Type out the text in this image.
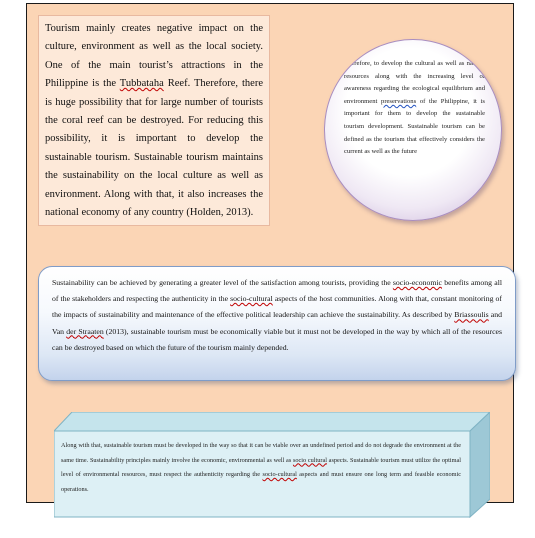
Tourism mainly creates negative impact on the culture, environment as well as the local society. One of the main tourist’s attractions in the Philippine is the Tubbataha Reef. Therefore, there is huge possibility that for large number of tourists the coral reef can be destroyed. For reducing this possibility, it is important to develop the sustainable tourism. Sustainable tourism maintains the sustainability on the local culture as well as environment. Along with that, it also increases the national economy of any country (Holden, 2013).
Therefore, to develop the cultural as well as natural resources along with the increasing level of awareness regarding the ecological equilibrium and environment preservations of the Philippine, it is important for them to develop the sustainable tourism development. Sustainable tourism can be defined as the tourism that effectively considers the current as well as the future
Sustainability can be achieved by generating a greater level of the satisfaction among tourists, providing the socio-economic benefits among all of the stakeholders and respecting the authenticity in the socio-cultural aspects of the host communities. Along with that, constant monitoring of the impacts of sustainability and maintenance of the effective political leadership can achieve the sustainability. As described by Briassoulis and Van der Straaten (2013), sustainable tourism must be economically viable but it must not be developed in the way by which all of the resources can be destroyed based on which the future of the tourism mainly depended.
Along with that, sustainable tourism must be developed in the way so that it can be viable over an undefined period and do not degrade the environment at the same time. Sustainability principles mainly involve the economic, environmental as well as socio cultural aspects. Sustainable tourism must utilize the optimal level of environmental resources, must respect the authenticity regarding the socio-cultural aspects and must ensure one long term and feasible economic operations.
